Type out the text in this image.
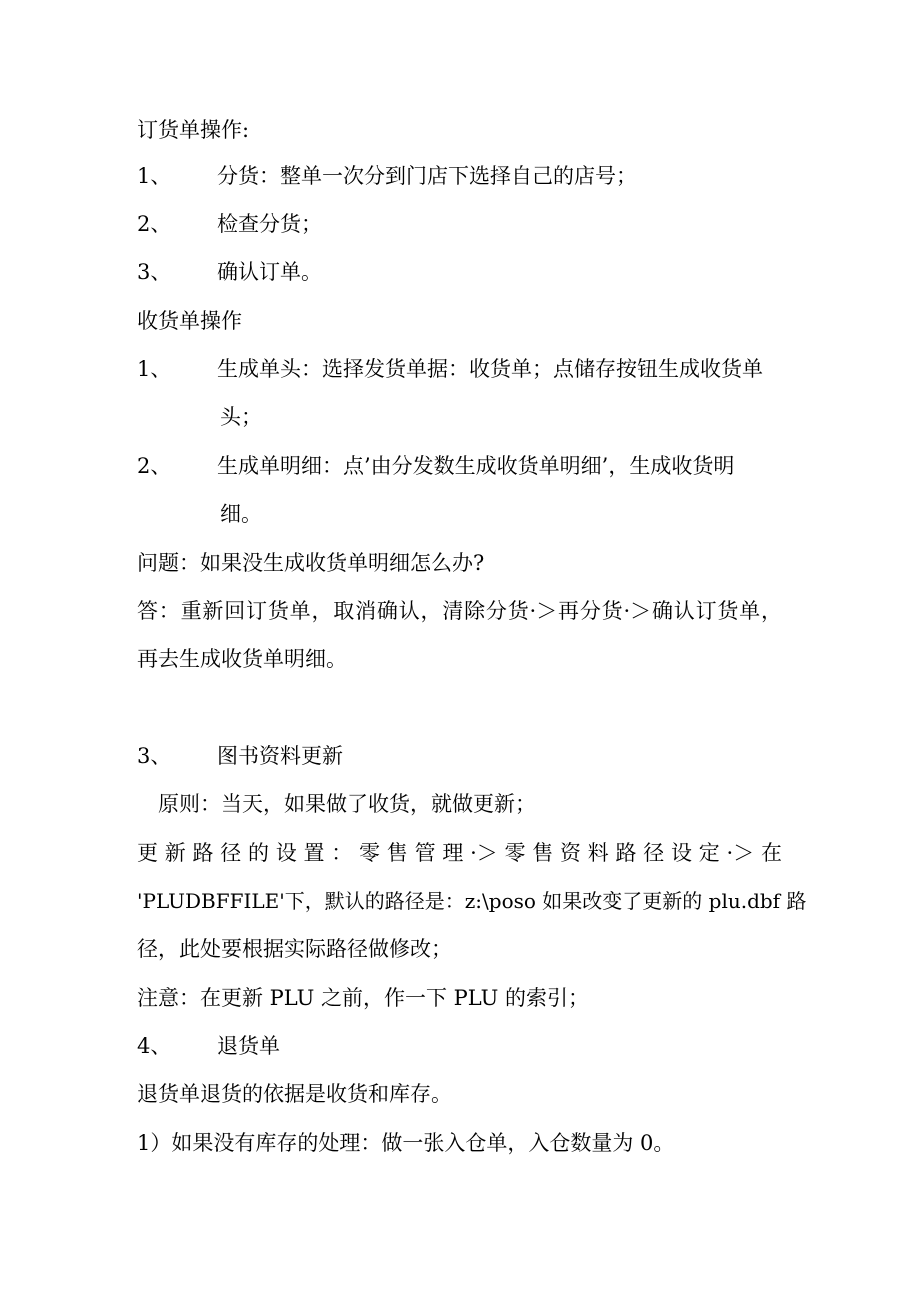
订货单操作:
1、 分货：整单一次分到门店下选择自己的店号；
2、 检查分货；
3、 确认订单。
收货单操作
1、 生成单头：选择发货单据：收货单；点储存按钮生成收货单
头；
2、 生成单明细：点’由分发数生成收货单明细’，生成收货明
细。
问题：如果没生成收货单明细怎么办?
答：重新回订货单，取消确认，清除分货·＞再分货·＞确认订货单，
再去生成收货单明细。
3、 图书资料更新
原则：当天，如果做了收货，就做更新；
更新路径的设置：零售管理·＞零售资料路径设定·＞在
'PLUDBFFILE'下，默认的路径是：z:\poso 如果改变了更新的 plu.dbf 路
径，此处要根据实际路径做修改；
注意：在更新 PLU 之前，作一下 PLU 的索引；
4、 退货单
退货单退货的依据是收货和库存。
1）如果没有库存的处理：做一张入仓单，入仓数量为 0。
